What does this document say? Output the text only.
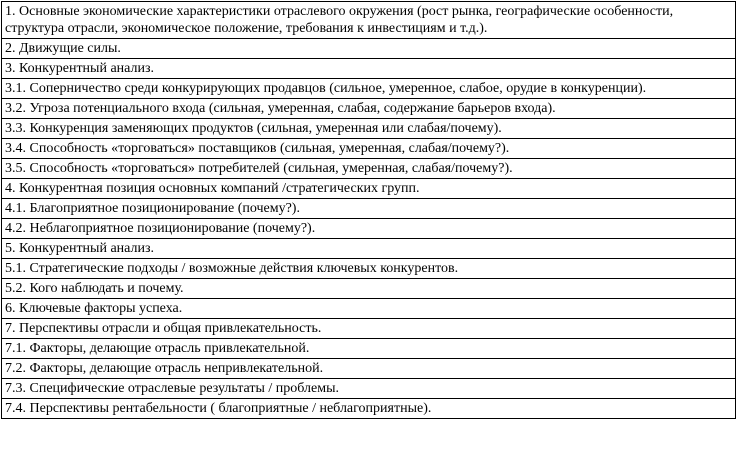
1. Основные экономические характеристики отраслевого окружения (рост рынка, географические особенности, структура отрасли, экономическое положение, требования к инвестициям и т.д.).
2. Движущие силы.
3. Конкурентный анализ.
3.1. Соперничество среди конкурирующих продавцов (сильное, умеренное, слабое, орудие в конкуренции).
3.2. Угроза потенциального входа (сильная, умеренная, слабая, содержание барьеров входа).
3.3. Конкуренция заменяющих продуктов (сильная, умеренная или слабая/почему).
3.4. Способность «торговаться» поставщиков (сильная, умеренная, слабая/почему?).
3.5. Способность «торговаться» потребителей (сильная, умеренная, слабая/почему?).
4. Конкурентная позиция основных компаний /стратегических групп.
4.1. Благоприятное позиционирование (почему?).
4.2. Неблагоприятное позиционирование (почему?).
5. Конкурентный анализ.
5.1. Стратегические подходы / возможные действия ключевых конкурентов.
5.2. Кого наблюдать и почему.
6. Ключевые факторы успеха.
7. Перспективы отрасли и общая привлекательность.
7.1. Факторы, делающие отрасль привлекательной.
7.2. Факторы, делающие отрасль непривлекательной.
7.3. Специфические отраслевые результаты / проблемы.
7.4. Перспективы рентабельности ( благоприятные / неблагоприятные).
